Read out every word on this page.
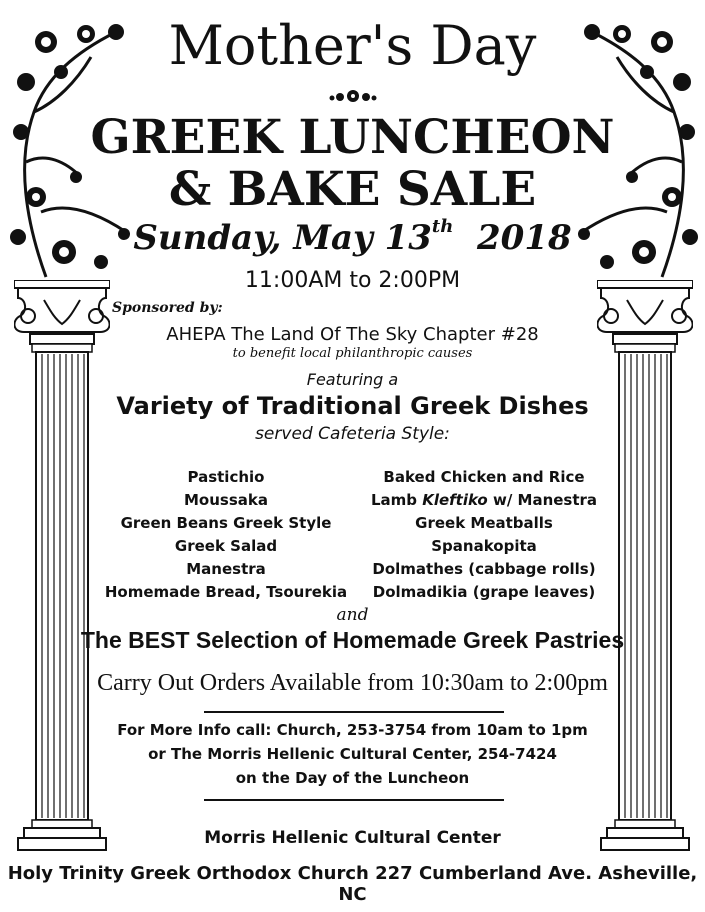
Mother's Day
GREEK LUNCHEON
& BAKE SALE
Sunday, May 13th 2018
11:00AM to 2:00PM
Sponsored by:
AHEPA The Land Of The Sky Chapter #28
to benefit local philanthropic causes
Featuring a
Variety of Traditional Greek Dishes
served Cafeteria Style:
Pastichio
Moussaka
Green Beans Greek Style
Greek Salad
Manestra
Homemade Bread, Tsourekia
Baked Chicken and Rice
Lamb Kleftiko w/ Manestra
Greek Meatballs
Spanakopita
Dolmathes (cabbage rolls)
Dolmadikia (grape leaves)
and
The BEST Selection of Homemade Greek Pastries
Carry Out Orders Available from 10:30am to 2:00pm
For More Info call: Church, 253-3754 from 10am to 1pm
or The Morris Hellenic Cultural Center, 254-7424
on the Day of the Luncheon
Morris Hellenic Cultural Center
Holy Trinity Greek Orthodox Church 227 Cumberland Ave. Asheville, NC
